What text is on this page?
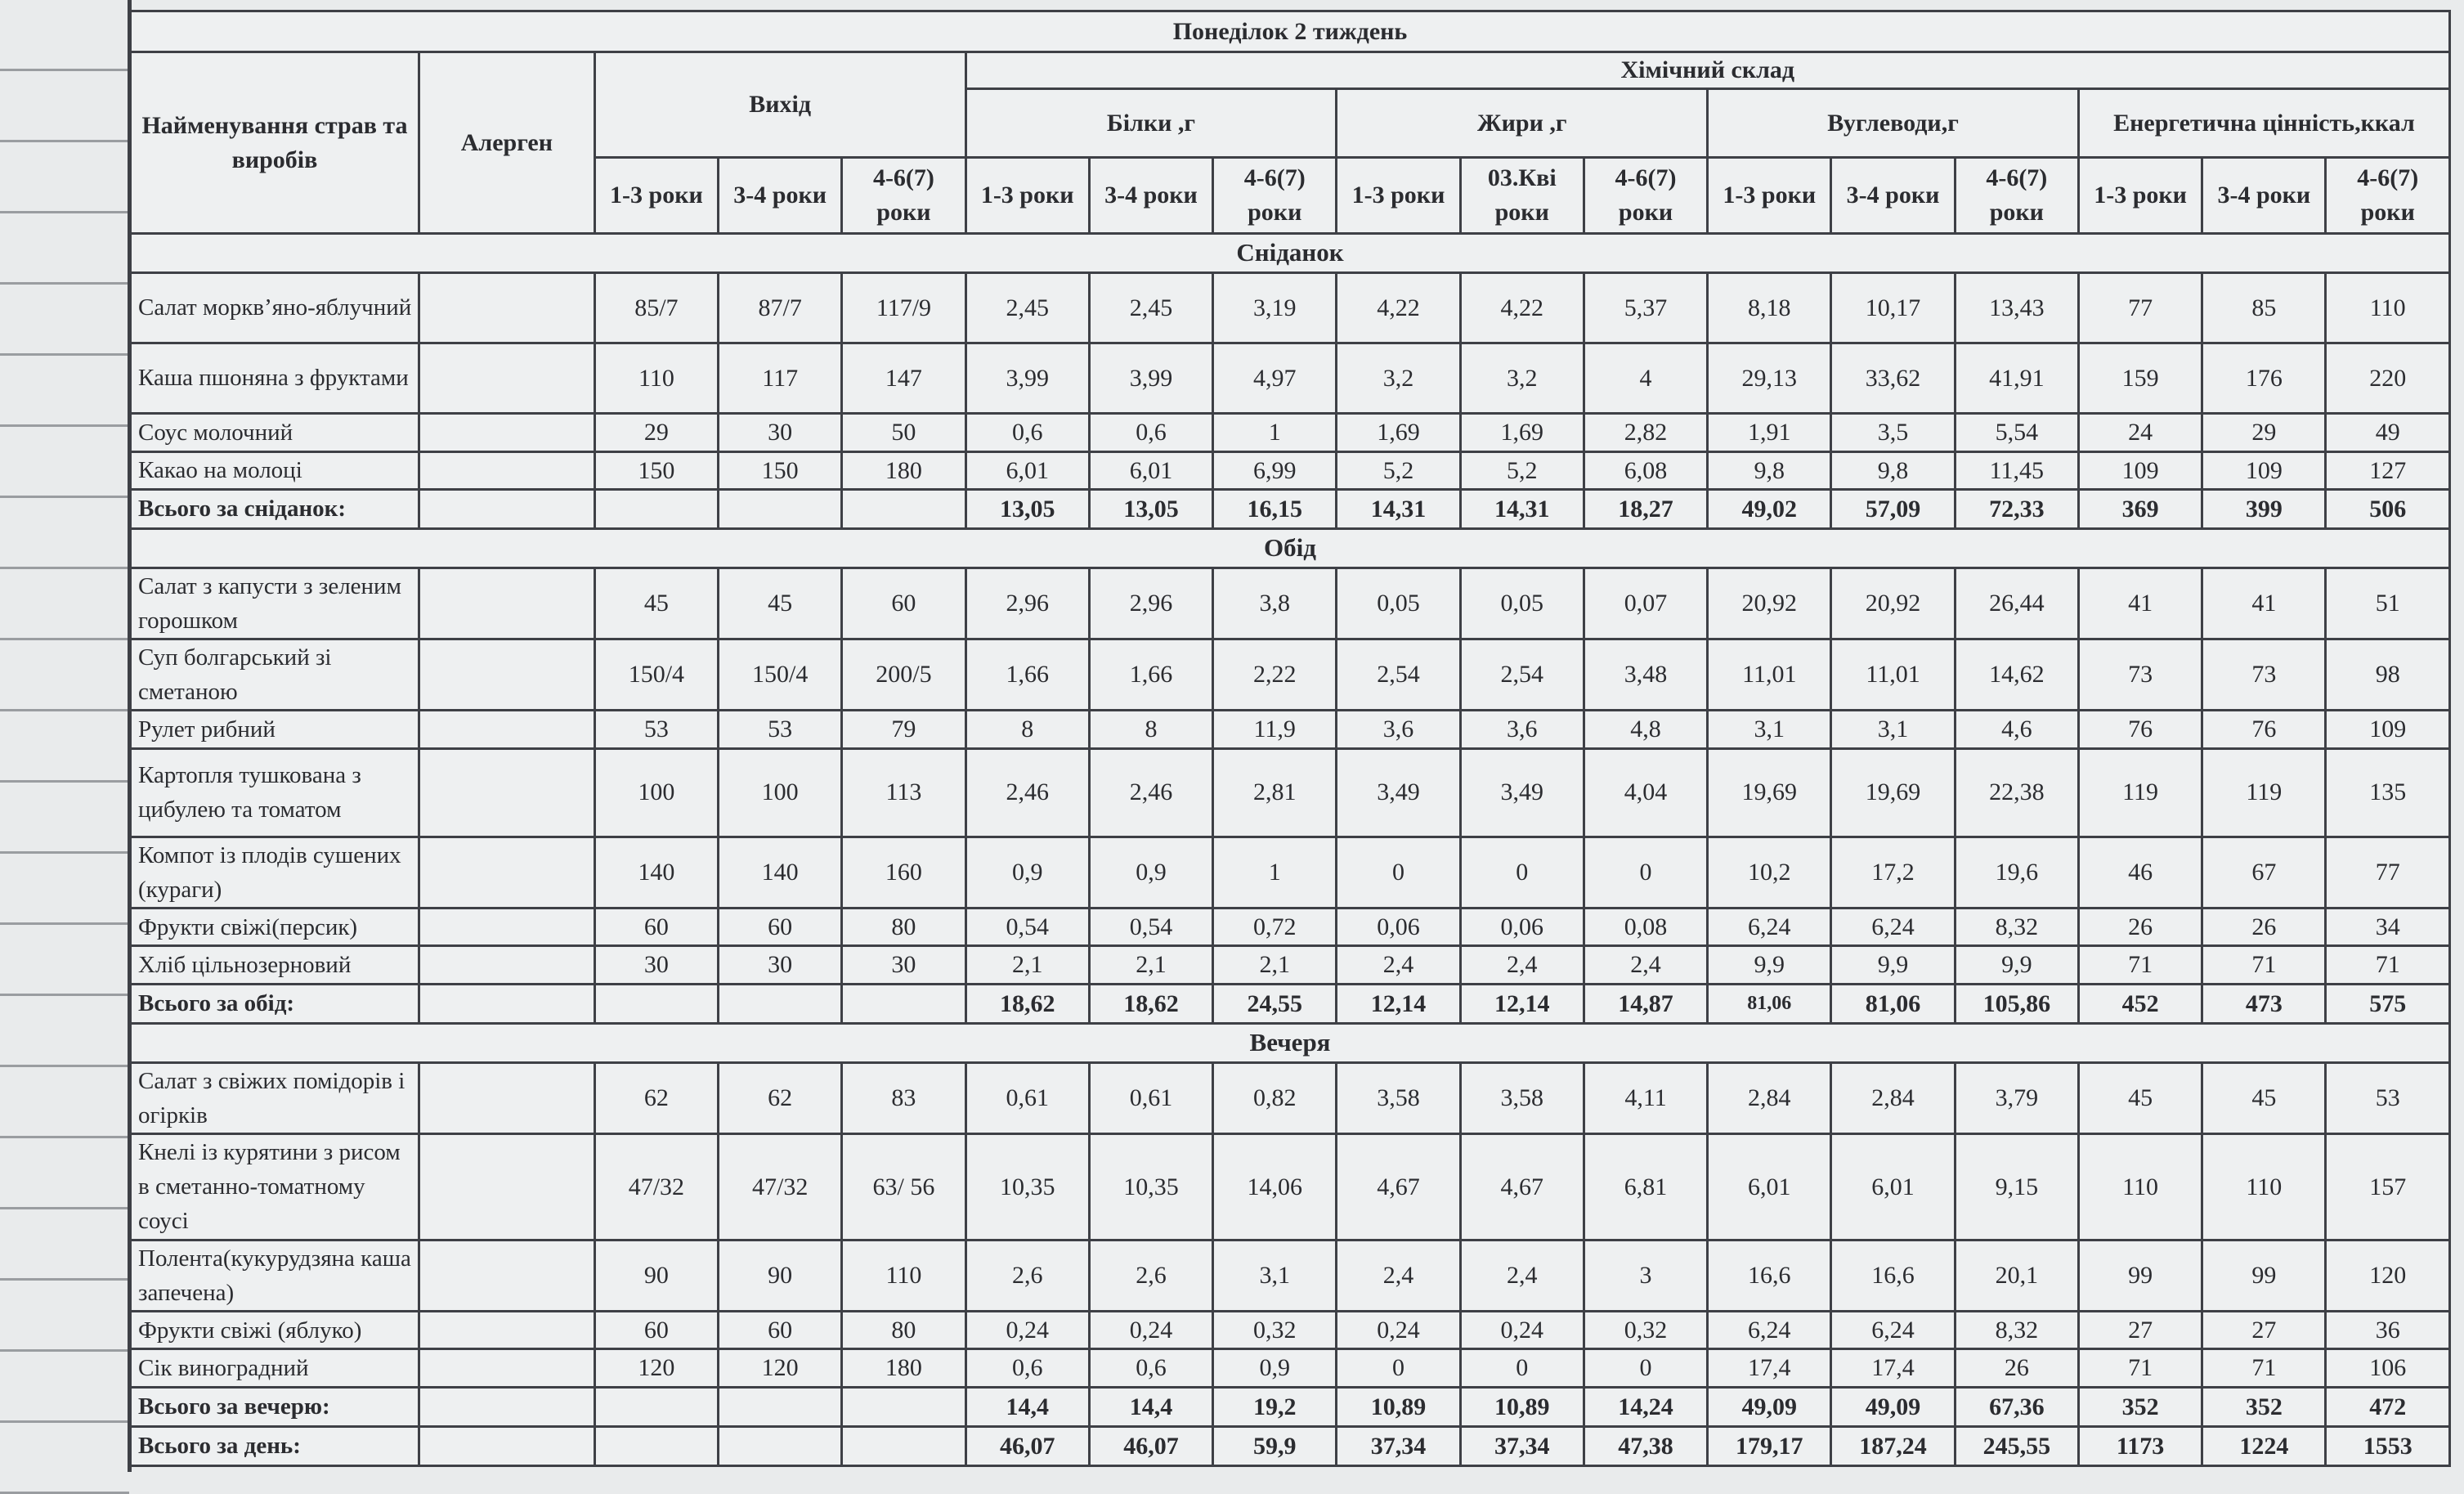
Понеділок 2 тиждень																
Найменування страв та виробів	Алерген	Вихід			Хімічний склад											
					Білки ,г			Жири ,г			Вуглеводи,г			Енергетична цінність,ккал		
		1-3 роки	3-4 роки	4-6(7) роки	1-3 роки	3-4 роки	4-6(7) роки	1-3 роки	03.Кві роки	4-6(7) роки	1-3 роки	3-4 роки	4-6(7) роки	1-3 роки	3-4 роки	4-6(7) роки
Сніданок																
Салат морквʼяно-яблучний		85/7	87/7	117/9	2,45	2,45	3,19	4,22	4,22	5,37	8,18	10,17	13,43	77	85	110
Каша пшоняна з фруктами		110	117	147	3,99	3,99	4,97	3,2	3,2	4	29,13	33,62	41,91	159	176	220
Соус молочний		29	30	50	0,6	0,6	1	1,69	1,69	2,82	1,91	3,5	5,54	24	29	49
Какао на молоці		150	150	180	6,01	6,01	6,99	5,2	5,2	6,08	9,8	9,8	11,45	109	109	127
Всього за сніданок:					13,05	13,05	16,15	14,31	14,31	18,27	49,02	57,09	72,33	369	399	506
Обід																
Салат з капусти з зеленим горошком		45	45	60	2,96	2,96	3,8	0,05	0,05	0,07	20,92	20,92	26,44	41	41	51
Суп болгарський зі сметаною		150/4	150/4	200/5	1,66	1,66	2,22	2,54	2,54	3,48	11,01	11,01	14,62	73	73	98
Рулет рибний		53	53	79	8	8	11,9	3,6	3,6	4,8	3,1	3,1	4,6	76	76	109
Картопля тушкована з цибулею та томатом		100	100	113	2,46	2,46	2,81	3,49	3,49	4,04	19,69	19,69	22,38	119	119	135
Компот із плодів сушених (кураги)		140	140	160	0,9	0,9	1	0	0	0	10,2	17,2	19,6	46	67	77
Фрукти свіжі(персик)		60	60	80	0,54	0,54	0,72	0,06	0,06	0,08	6,24	6,24	8,32	26	26	34
Хліб цільнозерновий		30	30	30	2,1	2,1	2,1	2,4	2,4	2,4	9,9	9,9	9,9	71	71	71
Всього за обід:					18,62	18,62	24,55	12,14	12,14	14,87	81,06	81,06	105,86	452	473	575
Вечеря																
Салат з свіжих помідорів і огірків		62	62	83	0,61	0,61	0,82	3,58	3,58	4,11	2,84	2,84	3,79	45	45	53
Кнелі із курятини з рисом в сметанно-томатному соусі		47/32	47/32	63/ 56	10,35	10,35	14,06	4,67	4,67	6,81	6,01	6,01	9,15	110	110	157
Полента(кукурудзяна каша запечена)		90	90	110	2,6	2,6	3,1	2,4	2,4	3	16,6	16,6	20,1	99	99	120
Фрукти свіжі (яблуко)		60	60	80	0,24	0,24	0,32	0,24	0,24	0,32	6,24	6,24	8,32	27	27	36
Сік виноградний		120	120	180	0,6	0,6	0,9	0	0	0	17,4	17,4	26	71	71	106
Всього за вечерю:					14,4	14,4	19,2	10,89	10,89	14,24	49,09	49,09	67,36	352	352	472
Всього за день:					46,07	46,07	59,9	37,34	37,34	47,38	179,17	187,24	245,55	1173	1224	1553
